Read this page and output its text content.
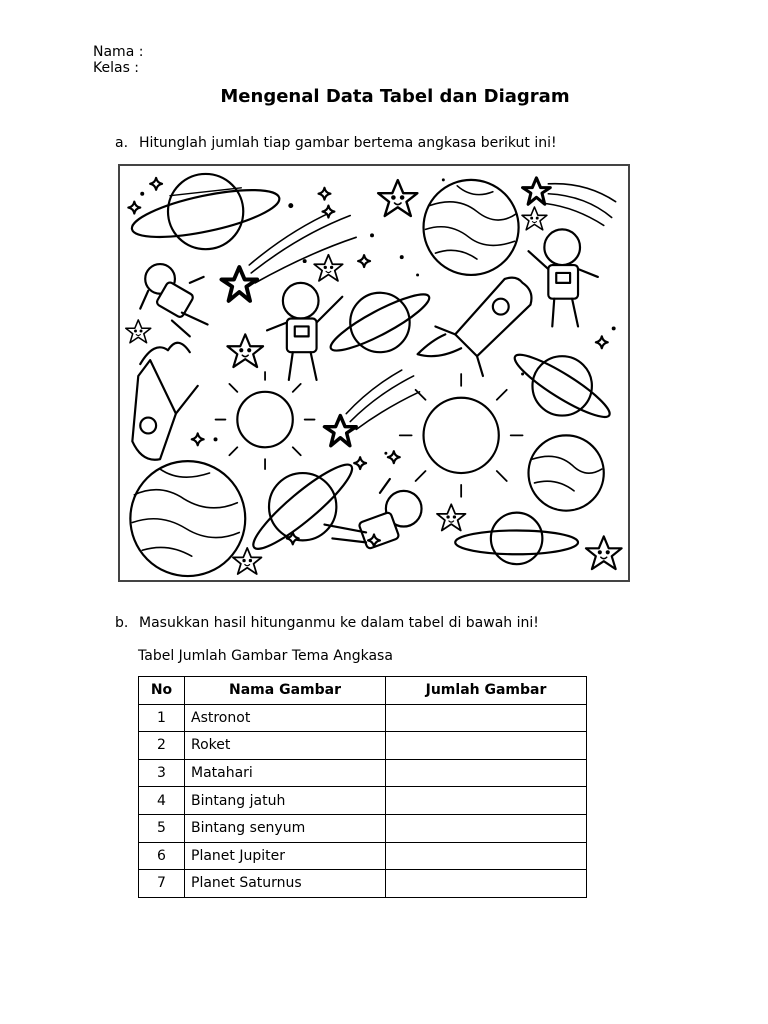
Nama :
Kelas :
Mengenal Data Tabel dan Diagram
a. Hitunglah jumlah tiap gambar bertema angkasa berikut ini!
b. Masukkan hasil hitunganmu ke dalam tabel di bawah ini!
Tabel Jumlah Gambar Tema Angkasa
No	Nama Gambar	Jumlah Gambar
1	Astronot	
2	Roket	
3	Matahari	
4	Bintang jatuh	
5	Bintang senyum	
6	Planet Jupiter	
7	Planet Saturnus	
